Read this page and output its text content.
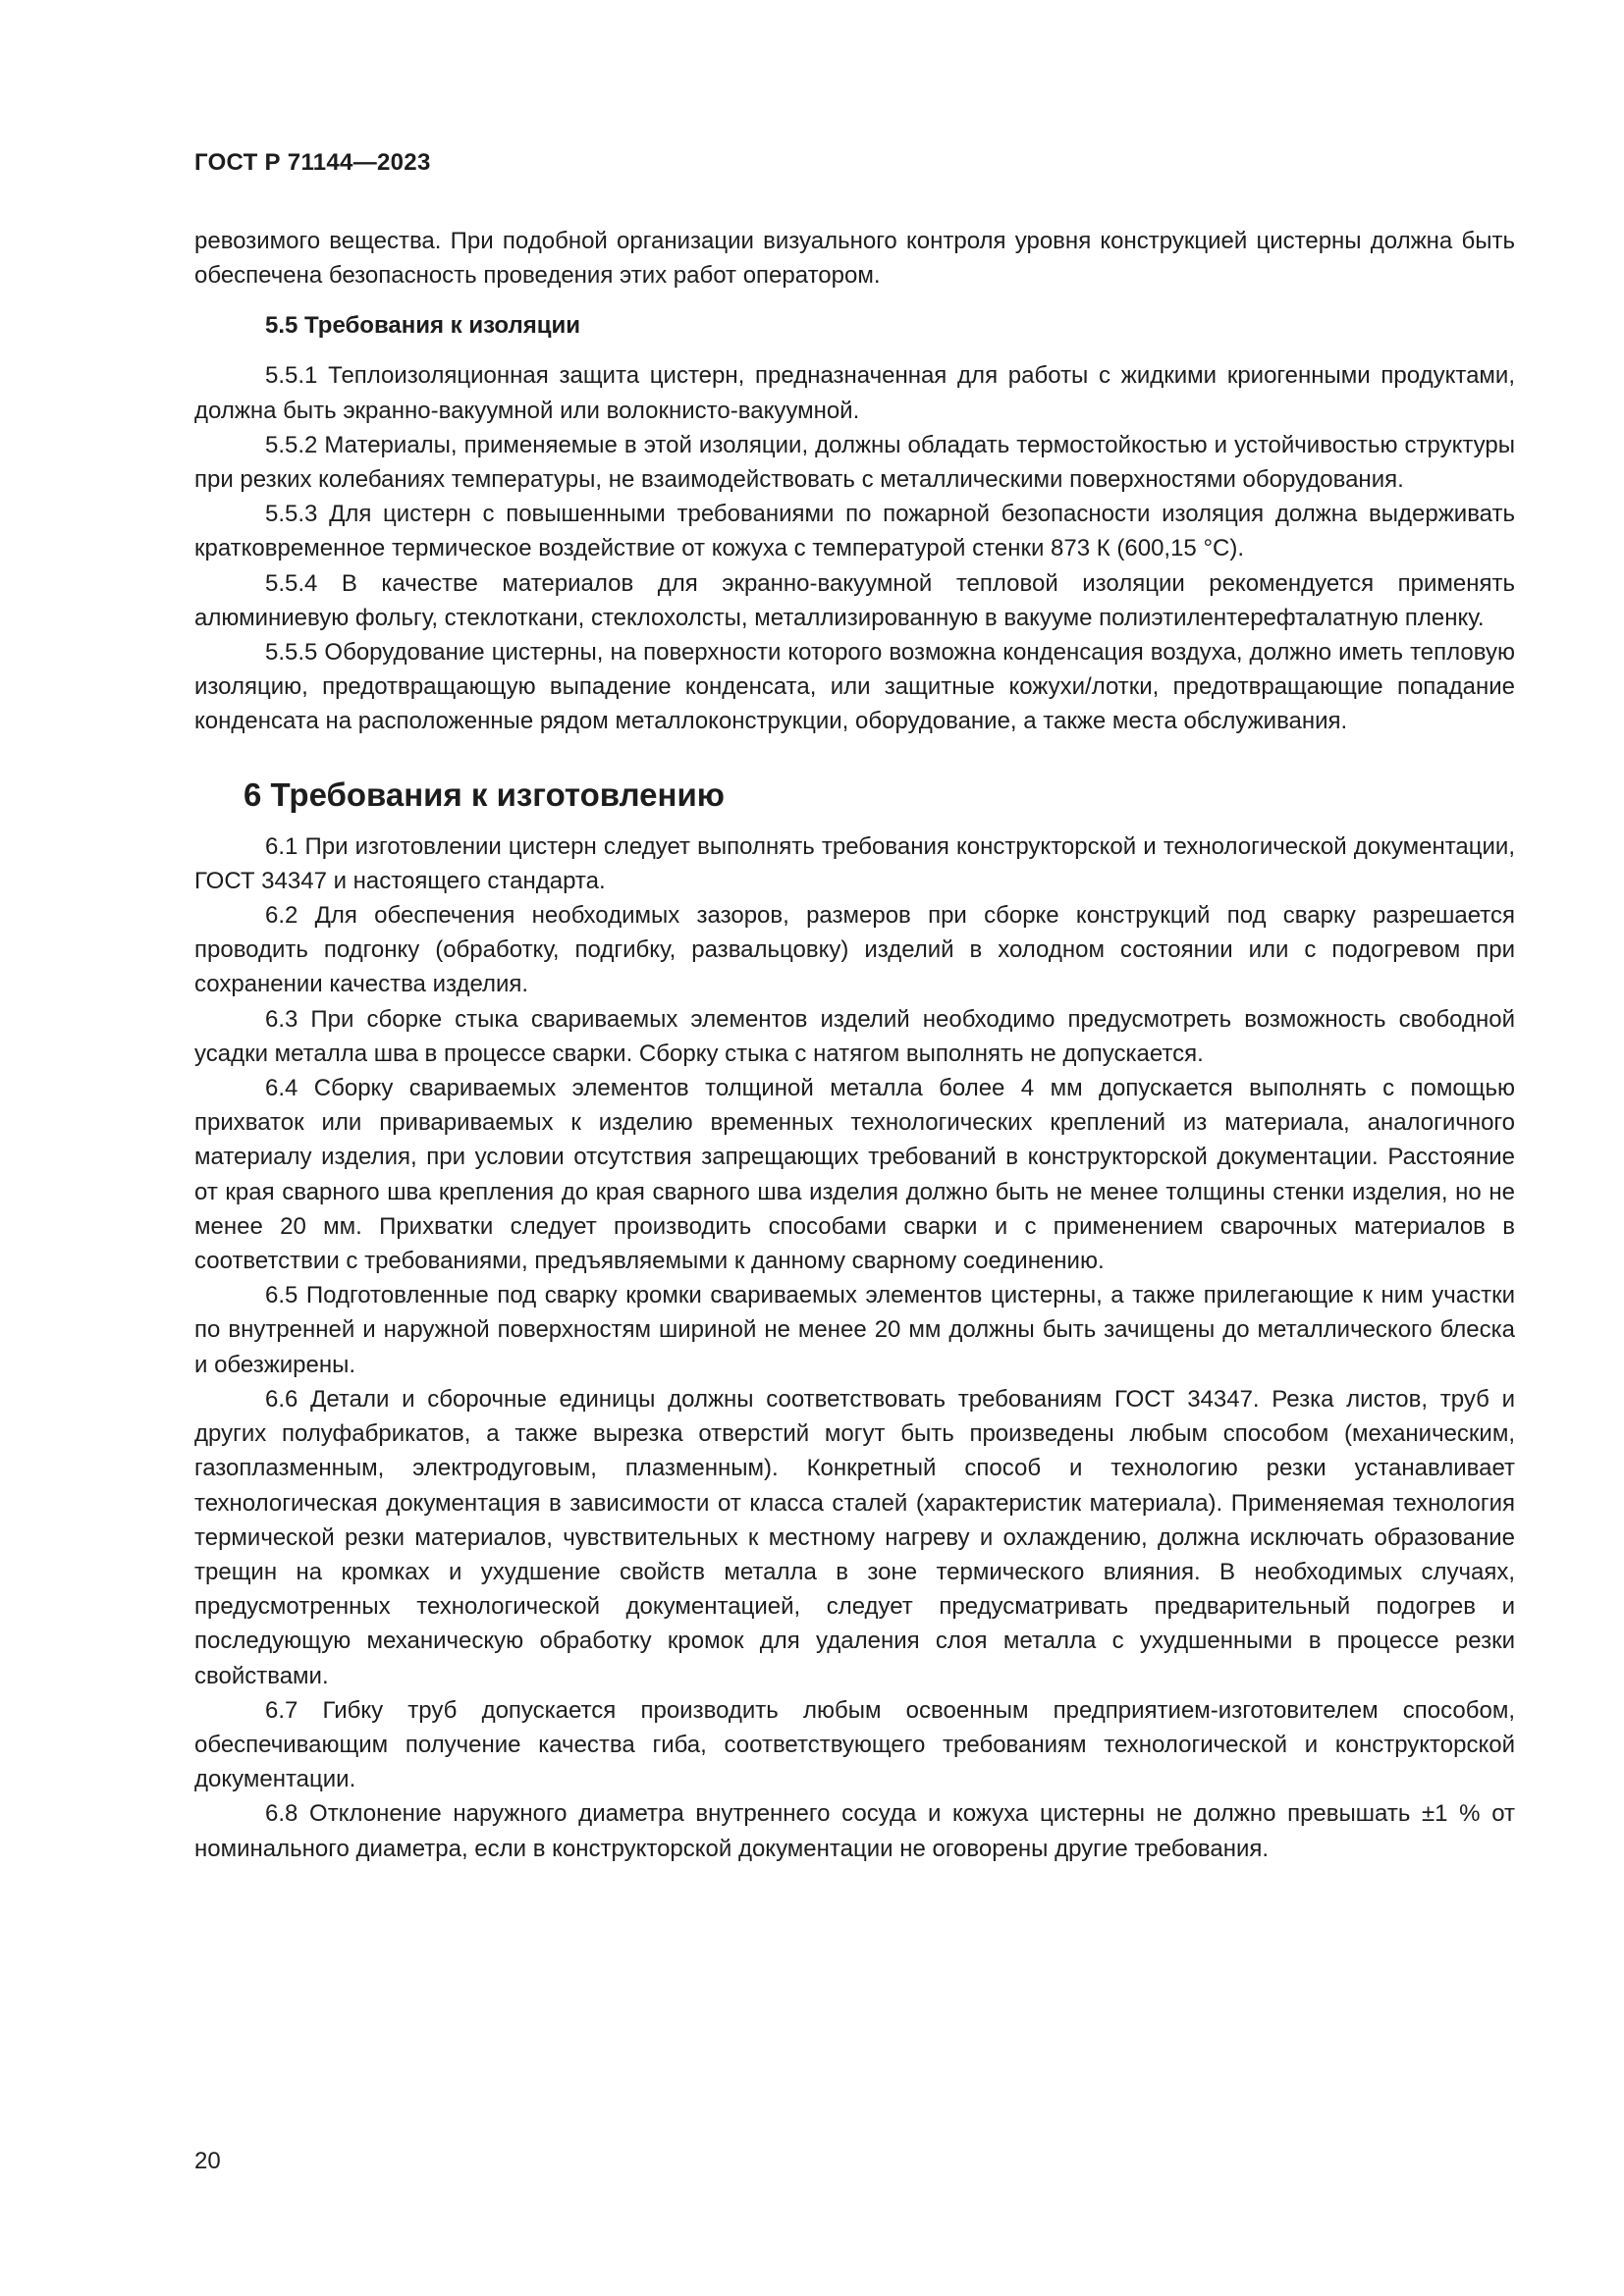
ГОСТ Р 71144—2023

ревозимого вещества. При подобной организации визуального контроля уровня конструкцией цистерны должна быть обеспечена безопасность проведения этих работ оператором.

5.5 Требования к изоляции

5.5.1 Теплоизоляционная защита цистерн, предназначенная для работы с жидкими криогенными продуктами, должна быть экранно-вакуумной или волокнисто-вакуумной.

5.5.2 Материалы, применяемые в этой изоляции, должны обладать термостойкостью и устойчивостью структуры при резких колебаниях температуры, не взаимодействовать с металлическими поверхностями оборудования.

5.5.3 Для цистерн с повышенными требованиями по пожарной безопасности изоляция должна выдерживать кратковременное термическое воздействие от кожуха с температурой стенки 873 К (600,15 °С).

5.5.4 В качестве материалов для экранно-вакуумной тепловой изоляции рекомендуется применять алюминиевую фольгу, стеклоткани, стеклохолсты, металлизированную в вакууме полиэтилентерефталатную пленку.

5.5.5 Оборудование цистерны, на поверхности которого возможна конденсация воздуха, должно иметь тепловую изоляцию, предотвращающую выпадение конденсата, или защитные кожухи/лотки, предотвращающие попадание конденсата на расположенные рядом металлоконструкции, оборудование, а также места обслуживания.

6 Требования к изготовлению

6.1 При изготовлении цистерн следует выполнять требования конструкторской и технологической документации, ГОСТ 34347 и настоящего стандарта.

6.2 Для обеспечения необходимых зазоров, размеров при сборке конструкций под сварку разрешается проводить подгонку (обработку, подгибку, развальцовку) изделий в холодном состоянии или с подогревом при сохранении качества изделия.

6.3 При сборке стыка свариваемых элементов изделий необходимо предусмотреть возможность свободной усадки металла шва в процессе сварки. Сборку стыка с натягом выполнять не допускается.

6.4 Сборку свариваемых элементов толщиной металла более 4 мм допускается выполнять с помощью прихваток или привариваемых к изделию временных технологических креплений из материала, аналогичного материалу изделия, при условии отсутствия запрещающих требований в конструкторской документации. Расстояние от края сварного шва крепления до края сварного шва изделия должно быть не менее толщины стенки изделия, но не менее 20 мм. Прихватки следует производить способами сварки и с применением сварочных материалов в соответствии с требованиями, предъявляемыми к данному сварному соединению.

6.5 Подготовленные под сварку кромки свариваемых элементов цистерны, а также прилегающие к ним участки по внутренней и наружной поверхностям шириной не менее 20 мм должны быть зачищены до металлического блеска и обезжирены.

6.6 Детали и сборочные единицы должны соответствовать требованиям ГОСТ 34347. Резка листов, труб и других полуфабрикатов, а также вырезка отверстий могут быть произведены любым способом (механическим, газоплазменным, электродуговым, плазменным). Конкретный способ и технологию резки устанавливает технологическая документация в зависимости от класса сталей (характеристик материала). Применяемая технология термической резки материалов, чувствительных к местному нагреву и охлаждению, должна исключать образование трещин на кромках и ухудшение свойств металла в зоне термического влияния. В необходимых случаях, предусмотренных технологической документацией, следует предусматривать предварительный подогрев и последующую механическую обработку кромок для удаления слоя металла с ухудшенными в процессе резки свойствами.

6.7 Гибку труб допускается производить любым освоенным предприятием-изготовителем способом, обеспечивающим получение качества гиба, соответствующего требованиям технологической и конструкторской документации.

6.8 Отклонение наружного диаметра внутреннего сосуда и кожуха цистерны не должно превышать ±1 % от номинального диаметра, если в конструкторской документации не оговорены другие требования.

20
